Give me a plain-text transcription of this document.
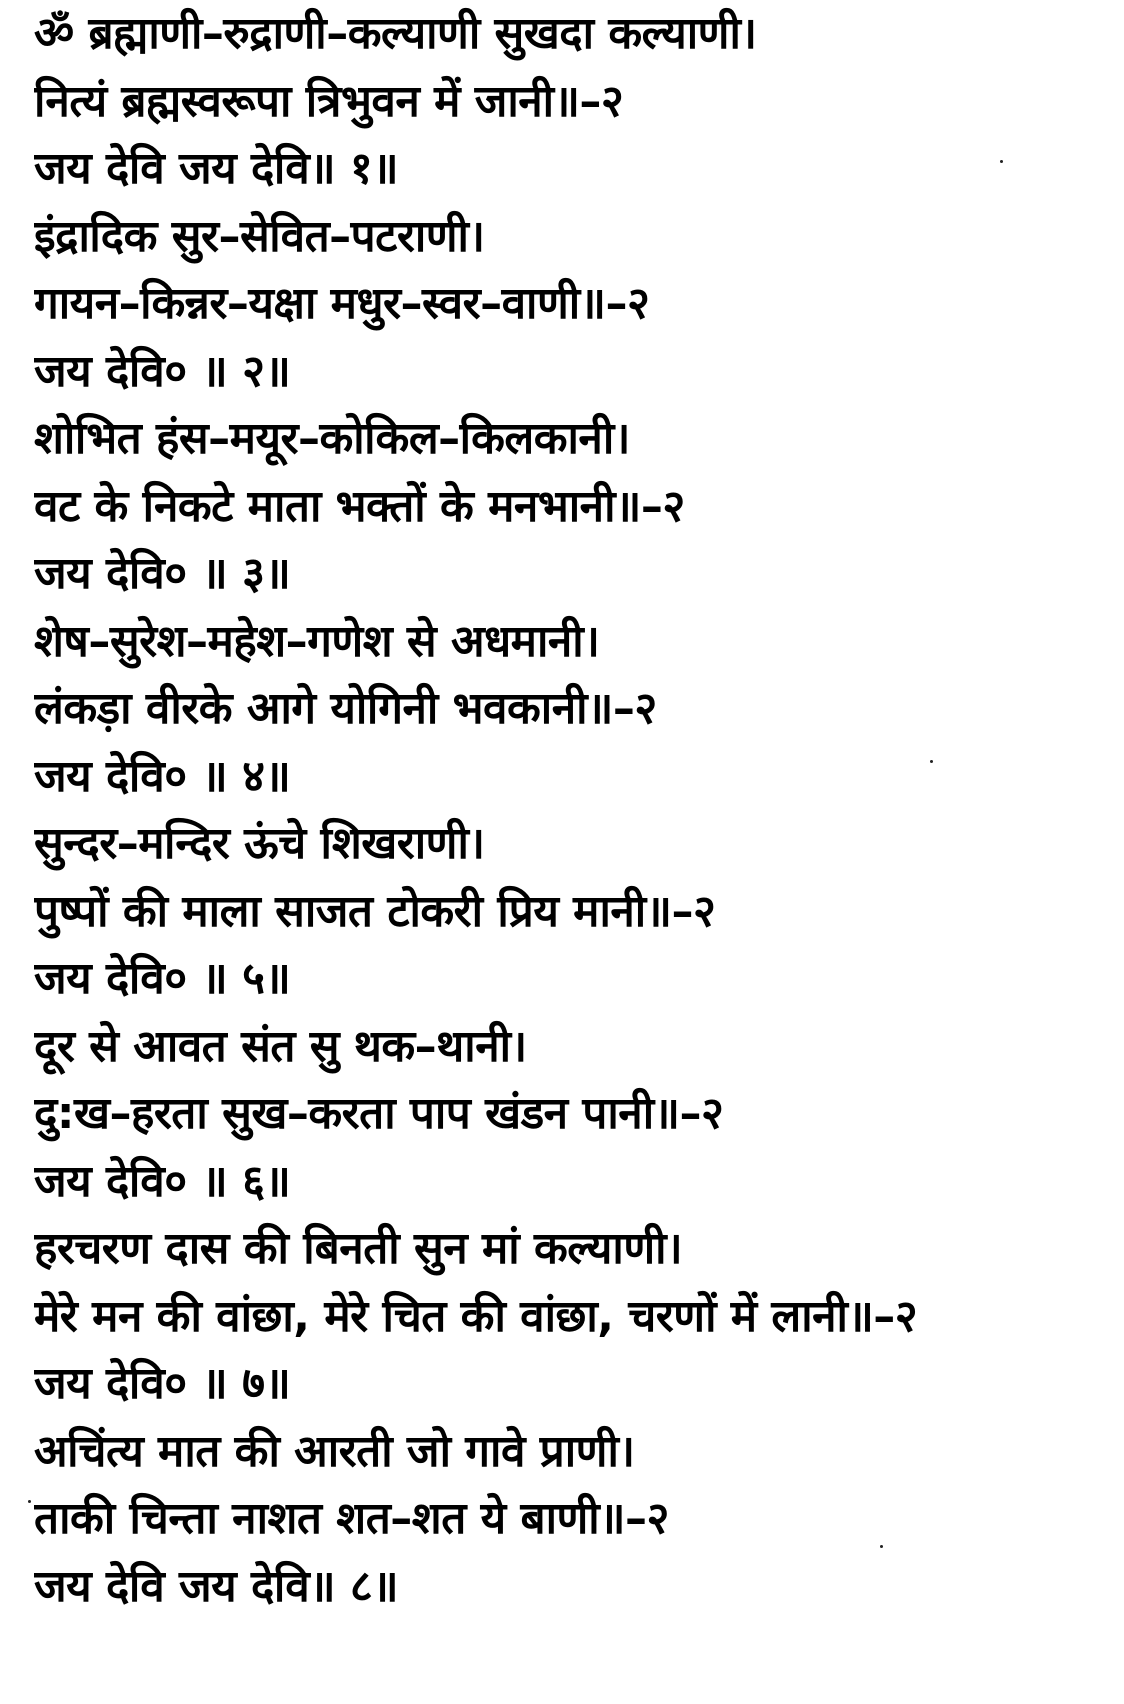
ॐ ब्रह्माणी–रुद्राणी–कल्याणी सुखदा कल्याणी।
नित्यं ब्रह्मस्वरूपा त्रिभुवन में जानी॥–२
जय देवि जय देवि॥ १॥
इंद्रादिक सुर–सेवित–पटराणी।
गायन–किन्नर–यक्षा मधुर–स्वर–वाणी॥–२
जय देवि० ॥ २॥
शोभित हंस–मयूर–कोकिल–किलकानी।
वट के निकटे माता भक्तों के मनभानी॥–२
जय देवि० ॥ ३॥
शेष–सुरेश–महेश–गणेश से अधमानी।
लंकड़ा वीरके आगे योगिनी भवकानी॥–२
जय देवि० ॥ ४॥
सुन्दर–मन्दिर ऊंचे शिखराणी।
पुष्पों की माला साजत टोकरी प्रिय मानी॥–२
जय देवि० ॥ ५॥
दूर से आवत संत सु थक–थानी।
दु:ख–हरता सुख–करता पाप खंडन पानी॥–२
जय देवि० ॥ ६॥
हरचरण दास की बिनती सुन मां कल्याणी।
मेरे मन की वांछा, मेरे चित की वांछा, चरणों में लानी॥–२
जय देवि० ॥ ७॥
अचिंत्य मात की आरती जो गावे प्राणी।
ताकी चिन्ता नाशत शत–शत ये बाणी॥–२
जय देवि जय देवि॥ ८॥
